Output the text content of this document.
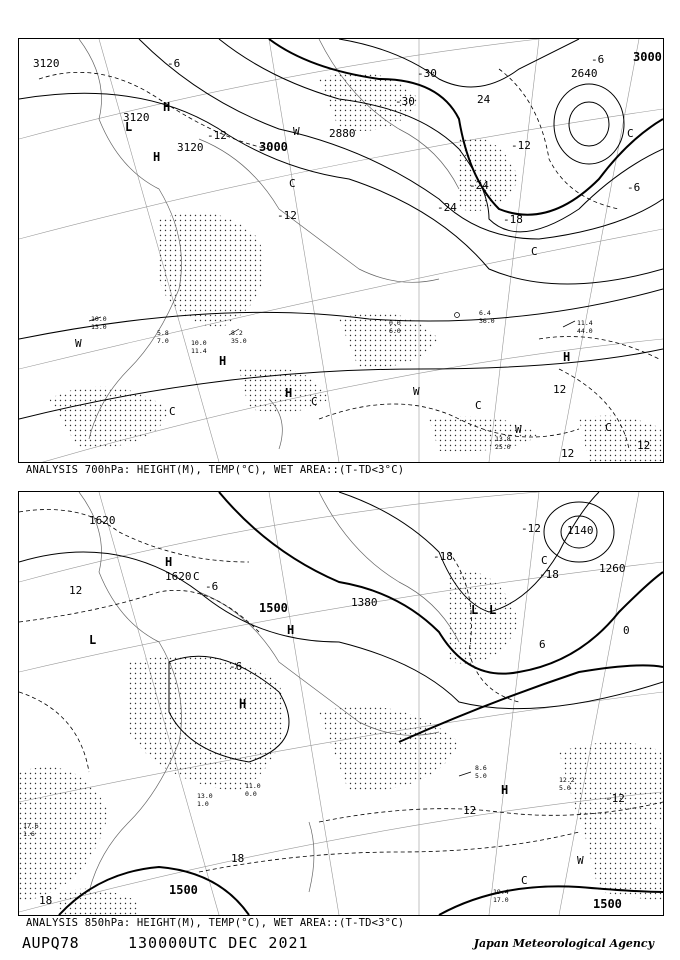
3120
3120
3120	3000
2880
2640
3000
-6
-12
-30
24
-24
-12
-18
-24
-30
-6
12
12
12
-6
-12
L
H
H
H
H
H
C
C
C
C	C
W
W
W
W
C
C
10.0
13.0
8.2
35.0
0.0
6.0
6.4
36.0	11.4
44.0
13.8
25.0
5.8
7.0	10.0
11.4
ANALYSIS 700hPa: HEIGHT(M), TEMP(°C), WET AREA::(T-TD<3°C)
1620
1620
1500	1380
1260
1140
1500
1500
12	-6
-18
-12
-18
18
12
6
0
-12
18
-6
H
H
L
L
H
L
H
C
C
W
C
8.6
5.0
17.6
1.6
19.4
17.0
12.2
5.0
11.0
0.0
13.0
1.0
ANALYSIS 850hPa: HEIGHT(M), TEMP(°C), WET AREA::(T-TD<3°C)
AUPQ78	130000UTC DEC 2021	Japan Meteorological Agency
